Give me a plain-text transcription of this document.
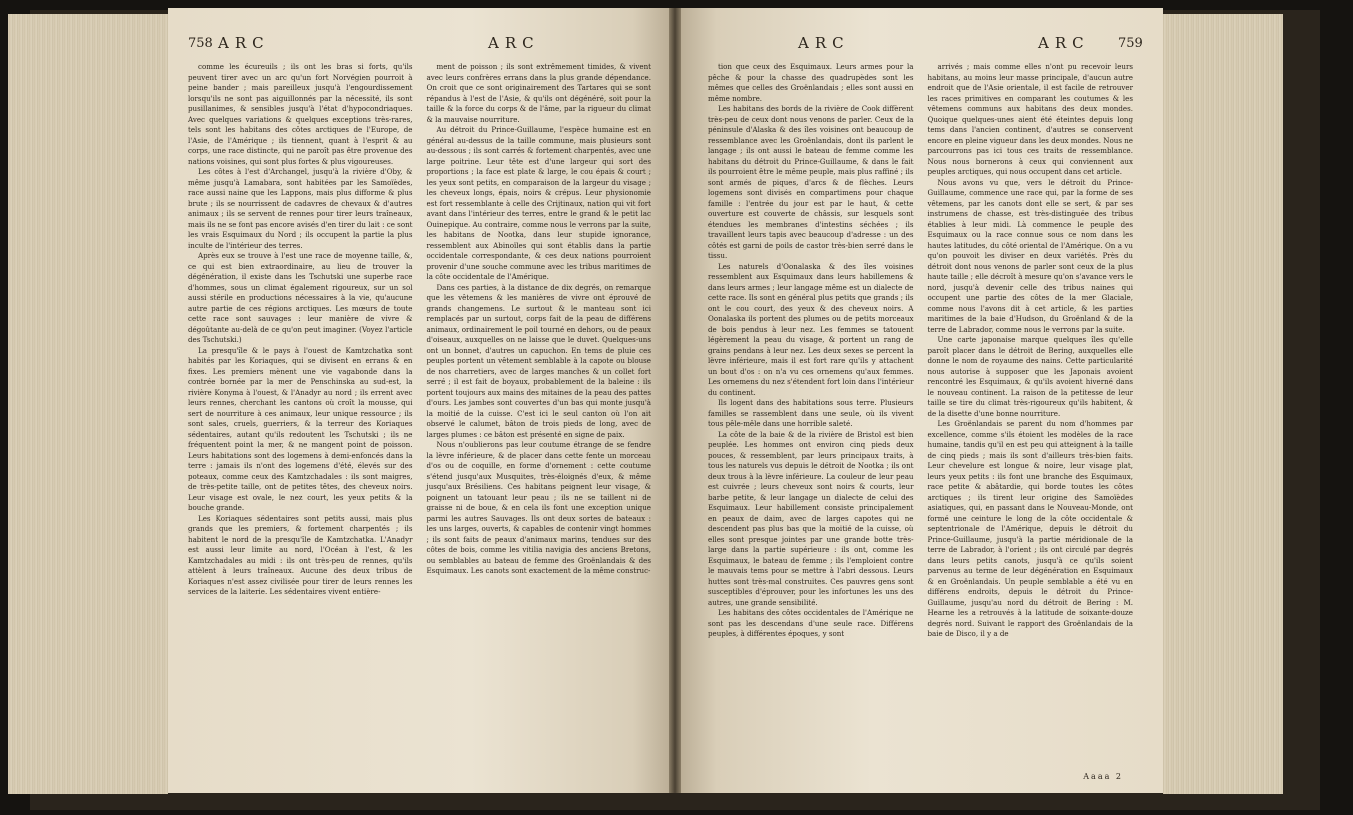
758 ARC	ARC

comme les écureuils ; ils ont les bras si forts, qu'ils peuvent tirer avec un arc qu'un fort Norvégien pourroit à peine bander ; mais pareilleux jusqu'à l'engourdissement lorsqu'ils ne sont pas aiguillonnés par la nécessité, ils sont pusillanimes, & sensibles jusqu'à l'état d'hypocondriaques. Avec quelques variations & quelques exceptions très-rares, tels sont les habitans des côtes arctiques de l'Europe, de l'Asie, de l'Amérique ; ils tiennent, quant à l'esprit & au corps, une race distincte, qui ne paroît pas être provenue des nations voisines, qui sont plus fortes & plus vigoureuses.

Les côtes à l'est d'Archangel, jusqu'à la rivière d'Oby, & même jusqu'à Lamabara, sont habitées par les Samoïèdes, race aussi naine que les Lappons, mais plus difforme & plus brute ; ils se nourrissent de cadavres de chevaux & d'autres animaux ; ils se servent de rennes pour tirer leurs traîneaux, mais ils ne se font pas encore avisés d'en tirer du lait : ce sont les vrais Esquimaux du Nord ; ils occupent la partie la plus inculte de l'intérieur des terres.

Après eux se trouve à l'est une race de moyenne taille, &, ce qui est bien extraordinaire, au lieu de trouver la dégénération, il existe dans les Tschutski une superbe race d'hommes, sous un climat également rigoureux, sur un sol aussi stérile en productions nécessaires à la vie, qu'aucune autre partie de ces régions arctiques. Les mœurs de toute cette race sont sauvages : leur manière de vivre & dégoûtante au-delà de ce qu'on peut imaginer. (Voyez l'article des Tschutski.)

La presqu'île & le pays à l'ouest de Kamtzchatka sont habités par les Koriaques, qui se divisent en errans & en fixes. Les premiers mènent une vie vagabonde dans la contrée bornée par la mer de Penschinska au sud-est, la rivière Konyma à l'ouest, & l'Anadyr au nord ; ils errent avec leurs rennes, cherchant les cantons où croît la mousse, qui sert de nourriture à ces animaux, leur unique ressource ; ils sont sales, cruels, guerriers, & la terreur des Koriaques sédentaires, autant qu'ils redoutent les Tschutski ; ils ne fréquentent point la mer, & ne mangent point de poisson. Leurs habitations sont des logemens à demi-enfoncés dans la terre : jamais ils n'ont des logemens d'été, élevés sur des poteaux, comme ceux des Kamtzchadales : ils sont maigres, de très-petite taille, ont de petites têtes, des cheveux noirs. Leur visage est ovale, le nez court, les yeux petits & la bouche grande.

Les Koriaques sédentaires sont petits aussi, mais plus grands que les premiers, & fortement charpentés ; ils habitent le nord de la presqu'île de Kamtzchatka. L'Anadyr est aussi leur limite au nord, l'Océan à l'est, & les Kamtzchadales au midi : ils ont très-peu de rennes, qu'ils attèlent à leurs traîneaux. Aucune des deux tribus de Koriaques n'est assez civilisée pour tirer de leurs rennes les services de la laiterie. Les sédentaires vivent entière-

ment de poisson ; ils sont extrêmement timides, & vivent avec leurs confrères errans dans la plus grande dépendance. On croit que ce sont originairement des Tartares qui se sont répandus à l'est de l'Asie, & qu'ils ont dégénéré, soit pour la taille & la force du corps & de l'âme, par la rigueur du climat & la mauvaise nourriture.

Au détroit du Prince-Guillaume, l'espèce humaine est en général au-dessus de la taille commune, mais plusieurs sont au-dessous ; ils sont carrés & fortement charpentés, avec une large poitrine. Leur tête est d'une largeur qui sort des proportions ; la face est plate & large, le cou épais & court ; les yeux sont petits, en comparaison de la largeur du visage ; les cheveux longs, épais, noirs & crépus. Leur physionomie est fort ressemblante à celle des Crijtinaux, nation qui vit fort avant dans l'intérieur des terres, entre le grand & le petit lac Ouinepique. Au contraire, comme nous le verrons par la suite, les habitans de Nootka, dans leur stupide ignorance, ressemblent aux Abinoïles qui sont établis dans la partie occidentale correspondante, & ces deux nations pourroient provenir d'une souche commune avec les tribus maritimes de la côte occidentale de l'Amérique.

Dans ces parties, à la distance de dix degrés, on remarque que les vêtemens & les manières de vivre ont éprouvé de grands changemens. Le surtout & le manteau sont ici remplacés par un surtout, corps fait de la peau de différens animaux, ordinairement le poil tourné en dehors, ou de peaux d'oiseaux, auxquelles on ne laisse que le duvet. Quelques-uns ont un bonnet, d'autres un capuchon. En tems de pluie ces peuples portent un vêtement semblable à la capote ou blouse de nos charretiers, avec de larges manches & un collet fort serré ; il est fait de boyaux, probablement de la baleine : ils portent toujours aux mains des mitaines de la peau des pattes d'ours. Les jambes sont couvertes d'un bas qui monte jusqu'à la moitié de la cuisse. C'est ici le seul canton où l'on ait observé le calumet, bâton de trois pieds de long, avec de larges plumes : ce bâton est présenté en signe de paix.

Nous n'oublierons pas leur coutume étrange de se fendre la lèvre inférieure, & de placer dans cette fente un morceau d'os ou de coquille, en forme d'ornement : cette coutume s'étend jusqu'aux Musquites, très-éloignés d'eux, & même jusqu'aux Brésiliens. Ces habitans peignent leur visage, & poignent un tatouant leur peau ; ils ne se taillent ni de graisse ni de boue, & en cela ils font une exception unique parmi les autres Sauvages. Ils ont deux sortes de bateaux : les uns larges, ouverts, & capables de contenir vingt hommes ; ils sont faits de peaux d'animaux marins, tendues sur des côtes de bois, comme les vitilia navigia des anciens Bretons, ou semblables au bateau de femme des Groënlandais & des Esquimaux. Les canots sont exactement de la même construc-

ARC	ARC 759

tion que ceux des Esquimaux. Leurs armes pour la pêche & pour la chasse des quadrupèdes sont les mêmes que celles des Groënlandais ; elles sont aussi en même nombre.

Les habitans des bords de la rivière de Cook diffèrent très-peu de ceux dont nous venons de parler. Ceux de la péninsule d'Alaska & des îles voisines ont beaucoup de ressemblance avec les Groënlandais, dont ils parlent le langage ; ils ont aussi le bateau de femme comme les habitans du détroit du Prince-Guillaume, & dans le fait ils pourroient être le même peuple, mais plus raffiné ; ils sont armés de piques, d'arcs & de flèches. Leurs logemens sont divisés en compartimens pour chaque famille : l'entrée du jour est par le haut, & cette ouverture est couverte de châssis, sur lesquels sont étendues les membranes d'intestins séchées ; ils travaillent leurs tapis avec beaucoup d'adresse : un des côtés est garni de poils de castor très-bien serré dans le tissu.

Les naturels d'Oonalaska & des îles voisines ressemblent aux Esquimaux dans leurs habillemens & dans leurs armes ; leur langage même est un dialecte de cette race. Ils sont en général plus petits que grands ; ils ont le cou court, des yeux & des cheveux noirs. A Oonalaska ils portent des plumes ou de petits morceaux de bois pendus à leur nez. Les femmes se tatouent légèrement la peau du visage, & portent un rang de grains pendans à leur nez. Les deux sexes se percent la lèvre inférieure, mais il est fort rare qu'ils y attachent un bout d'os : on n'a vu ces ornemens qu'aux femmes. Les ornemens du nez s'étendent fort loin dans l'intérieur du continent.

Ils logent dans des habitations sous terre. Plusieurs familles se rassemblent dans une seule, où ils vivent tous pêle-mêle dans une horrible saleté.

La côte de la baie & de la rivière de Bristol est bien peuplée. Les hommes ont environ cinq pieds deux pouces, & ressemblent, par leurs principaux traits, à tous les naturels vus depuis le détroit de Nootka ; ils ont deux trous à la lèvre inférieure. La couleur de leur peau est cuivrée ; leurs cheveux sont noirs & courts, leur barbe petite, & leur langage un dialecte de celui des Esquimaux. Leur habillement consiste principalement en peaux de daim, avec de larges capotes qui ne descendent pas plus bas que la moitié de la cuisse, où elles sont presque jointes par une grande botte très-large dans la partie supérieure : ils ont, comme les Esquimaux, le bateau de femme ; ils l'emploient contre le mauvais tems pour se mettre à l'abri dessous. Leurs huttes sont très-mal construites. Ces pauvres gens sont susceptibles d'éprouver, pour les infortunes les uns des autres, une grande sensibilité.

Les habitans des côtes occidentales de l'Amérique ne sont pas les descendans d'une seule race. Différens peuples, à différentes époques, y sont

arrivés ; mais comme elles n'ont pu recevoir leurs habitans, au moins leur masse principale, d'aucun autre endroit que de l'Asie orientale, il est facile de retrouver les races primitives en comparant les coutumes & les vêtemens communs aux habitans des deux mondes. Quoique quelques-unes aient été éteintes depuis long tems dans l'ancien continent, d'autres se conservent encore en pleine vigueur dans les deux mondes. Nous ne parcourrons pas ici tous ces traits de ressemblance. Nous nous bornerons à ceux qui conviennent aux peuples arctiques, qui nous occupent dans cet article.

Nous avons vu que, vers le détroit du Prince-Guillaume, commence une race qui, par la forme de ses vêtemens, par les canots dont elle se sert, & par ses instrumens de chasse, est très-distinguée des tribus établies à leur midi. Là commence le peuple des Esquimaux ou la race connue sous ce nom dans les hautes latitudes, du côté oriental de l'Amérique. On a vu qu'on pouvoit les diviser en deux variétés. Près du détroit dont nous venons de parler sont ceux de la plus haute taille ; elle décroît à mesure qu'on s'avance vers le nord, jusqu'à devenir celle des tribus naines qui occupent une partie des côtes de la mer Glaciale, comme nous l'avons dit à cet article, & les parties maritimes de la baie d'Hudson, du Groënland & de la terre de Labrador, comme nous le verrons par la suite.

Une carte japonaise marque quelques îles qu'elle paroît placer dans le détroit de Bering, auxquelles elle donne le nom de royaume des nains. Cette particularité nous autorise à supposer que les Japonais avoient rencontré les Esquimaux, & qu'ils avoient hiverné dans le nouveau continent. La raison de la petitesse de leur taille se tire du climat très-rigoureux qu'ils habitent, & de la disette d'une bonne nourriture.

Les Groënlandais se parent du nom d'hommes par excellence, comme s'ils étoient les modèles de la race humaine, tandis qu'il en est peu qui atteignent à la taille de cinq pieds ; mais ils sont d'ailleurs très-bien faits. Leur chevelure est longue & noire, leur visage plat, leurs yeux petits : ils font une branche des Esquimaux, race petite & abâtardie, qui borde toutes les côtes arctiques ; ils tirent leur origine des Samoïèdes asiatiques, qui, en passant dans le Nouveau-Monde, ont formé une ceinture le long de la côte occidentale & septentrionale de l'Amérique, depuis le détroit du Prince-Guillaume, jusqu'à la partie méridionale de la terre de Labrador, à l'orient ; ils ont circulé par degrés dans leurs petits canots, jusqu'à ce qu'ils soient parvenus au terme de leur dégénération en Esquimaux & en Groënlandais. Un peuple semblable a été vu en différens endroits, depuis le détroit du Prince-Guillaume, jusqu'au nord du détroit de Bering : M. Hearne les a retrouvés à la latitude de soixante-douze degrés nord. Suivant le rapport des Groënlandais de la baie de Disco, il y a de

Aaaa 2
